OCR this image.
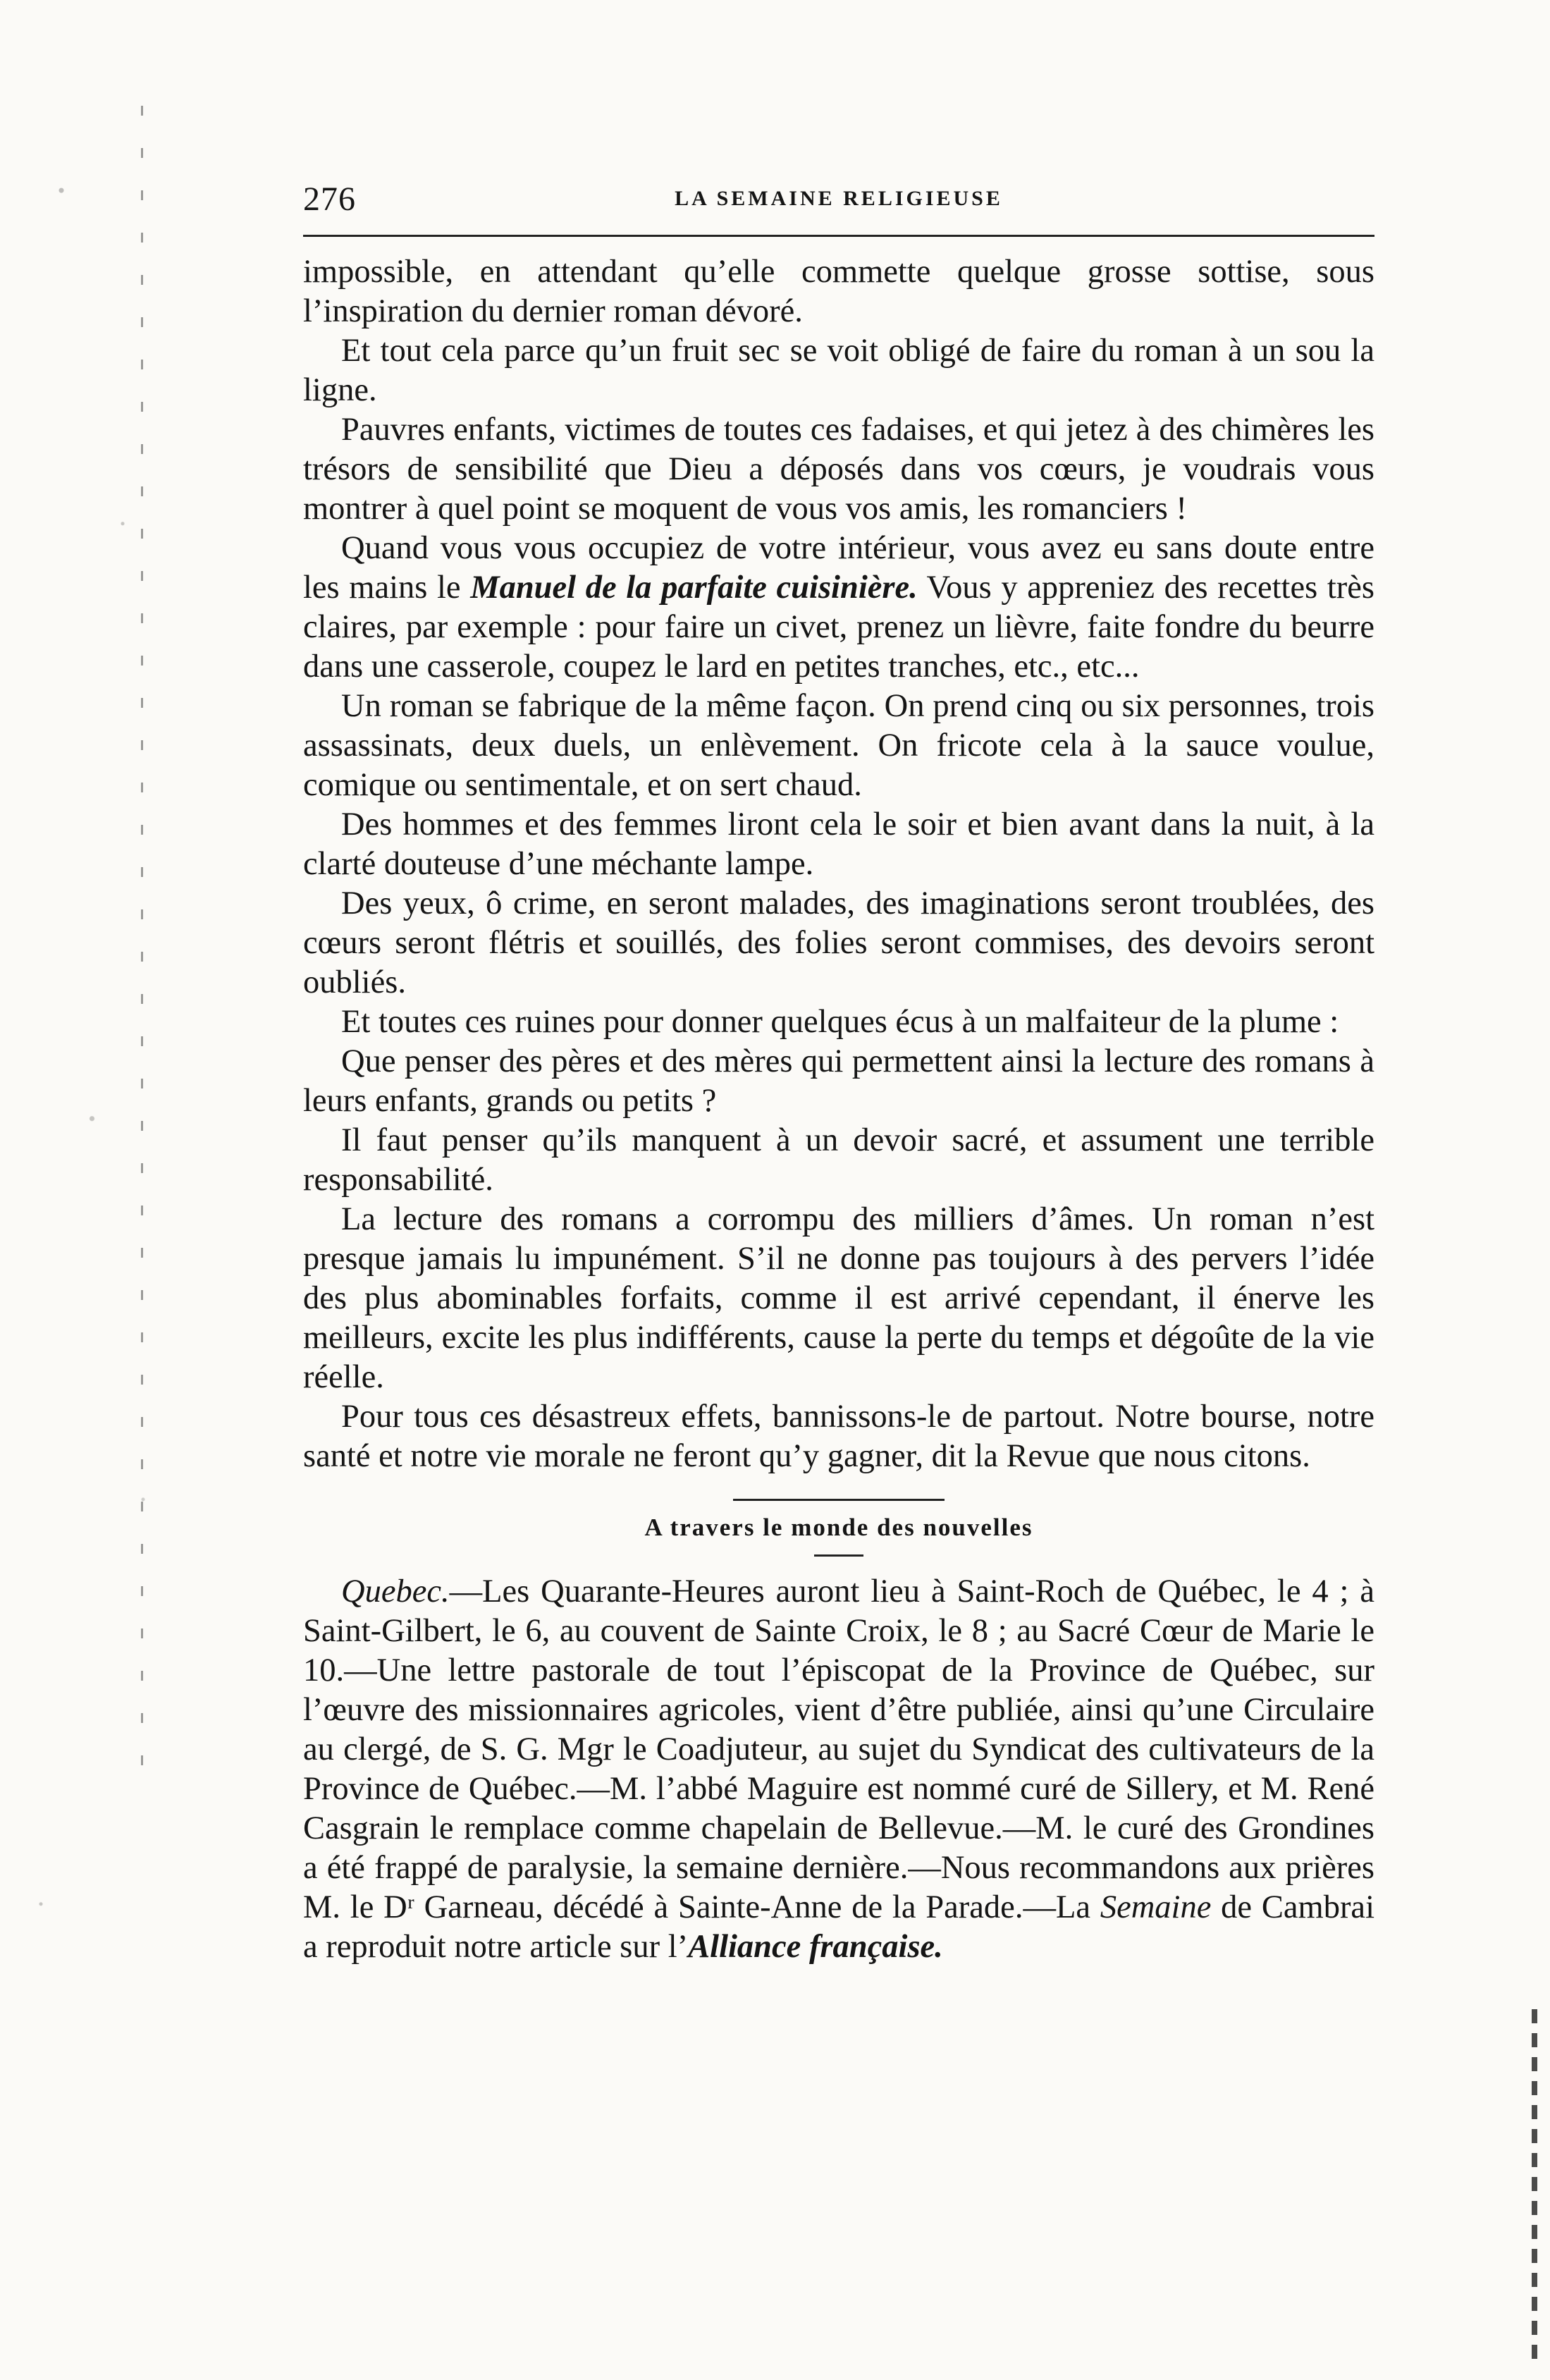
276	LA SEMAINE RELIGIEUSE

impossible, en attendant qu’elle commette quelque grosse sottise, sous l’inspiration du dernier roman dévoré.

Et tout cela parce qu’un fruit sec se voit obligé de faire du roman à un sou la ligne.

Pauvres enfants, victimes de toutes ces fadaises, et qui jetez à des chimères les trésors de sensibilité que Dieu a déposés dans vos cœurs, je voudrais vous montrer à quel point se moquent de vous vos amis, les romanciers !

Quand vous vous occupiez de votre intérieur, vous avez eu sans doute entre les mains le Manuel de la parfaite cuisinière. Vous y appreniez des recettes très claires, par exemple : pour faire un civet, prenez un lièvre, faite fondre du beurre dans une casserole, coupez le lard en petites tranches, etc., etc...

Un roman se fabrique de la même façon. On prend cinq ou six personnes, trois assassinats, deux duels, un enlèvement. On fricote cela à la sauce voulue, comique ou sentimentale, et on sert chaud.

Des hommes et des femmes liront cela le soir et bien avant dans la nuit, à la clarté douteuse d’une méchante lampe.

Des yeux, ô crime, en seront malades, des imaginations seront troublées, des cœurs seront flétris et souillés, des folies seront commises, des devoirs seront oubliés.

Et toutes ces ruines pour donner quelques écus à un malfaiteur de la plume :

Que penser des pères et des mères qui permettent ainsi la lecture des romans à leurs enfants, grands ou petits ?

Il faut penser qu’ils manquent à un devoir sacré, et assument une terrible responsabilité.

La lecture des romans a corrompu des milliers d’âmes. Un roman n’est presque jamais lu impunément. S’il ne donne pas toujours à des pervers l’idée des plus abominables forfaits, comme il est arrivé cependant, il énerve les meilleurs, excite les plus indifférents, cause la perte du temps et dégoûte de la vie réelle.

Pour tous ces désastreux effets, bannissons-le de partout. Notre bourse, notre santé et notre vie morale ne feront qu’y gagner, dit la Revue que nous citons.

A travers le monde des nouvelles

Quebec.—Les Quarante-Heures auront lieu à Saint-Roch de Québec, le 4 ; à Saint-Gilbert, le 6, au couvent de Sainte Croix, le 8 ; au Sacré Cœur de Marie le 10.—Une lettre pastorale de tout l’épiscopat de la Province de Québec, sur l’œuvre des missionnaires agricoles, vient d’être publiée, ainsi qu’une Circulaire au clergé, de S. G. Mgr le Coadjuteur, au sujet du Syndicat des cultivateurs de la Province de Québec.—M. l’abbé Maguire est nommé curé de Sillery, et M. René Casgrain le remplace comme chapelain de Bellevue.—M. le curé des Grondines a été frappé de paralysie, la semaine dernière.—Nous recommandons aux prières M. le Dʳ Garneau, décédé à Sainte-Anne de la Parade.—La Semaine de Cambrai a reproduit notre article sur l’Alliance française.
